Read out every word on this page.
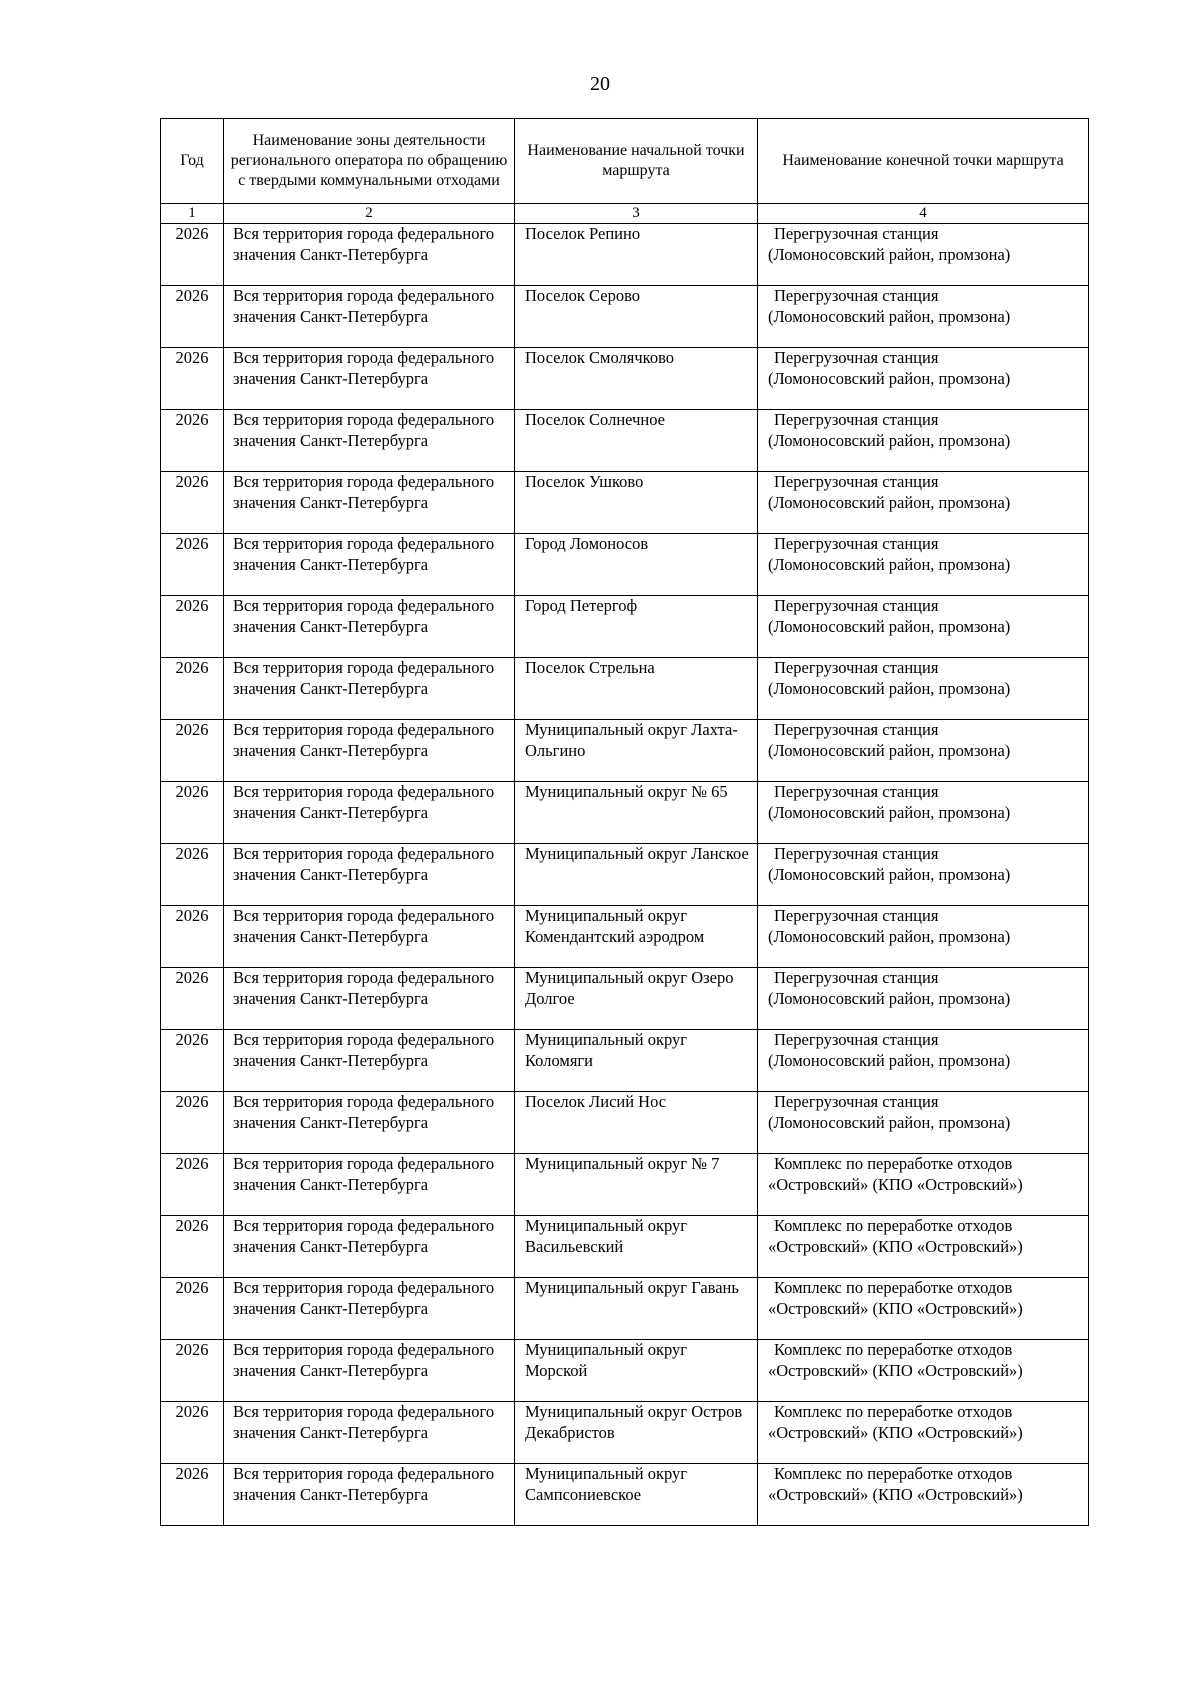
20
Год	Наименование зоны деятельности регионального оператора по обращению с твердыми коммунальными отходами	Наименование начальной точки маршрута	Наименование конечной точки маршрута
1	2	3	4
2026	Вся территория города федерального значения Санкт-Петербурга	Поселок Репино	Перегрузочная станция
(Ломоносовский район, промзона)

2026	Вся территория города федерального значения Санкт-Петербурга	Поселок Серово	Перегрузочная станция
(Ломоносовский район, промзона)

2026	Вся территория города федерального значения Санкт-Петербурга	Поселок Смолячково	Перегрузочная станция
(Ломоносовский район, промзона)

2026	Вся территория города федерального значения Санкт-Петербурга	Поселок Солнечное	Перегрузочная станция
(Ломоносовский район, промзона)

2026	Вся территория города федерального значения Санкт-Петербурга	Поселок Ушково	Перегрузочная станция
(Ломоносовский район, промзона)

2026	Вся территория города федерального значения Санкт-Петербурга	Город Ломоносов	Перегрузочная станция
(Ломоносовский район, промзона)

2026	Вся территория города федерального значения Санкт-Петербурга	Город Петергоф	Перегрузочная станция
(Ломоносовский район, промзона)

2026	Вся территория города федерального значения Санкт-Петербурга	Поселок Стрельна	Перегрузочная станция
(Ломоносовский район, промзона)

2026	Вся территория города федерального значения Санкт-Петербурга	Муниципальный округ Лахта-Ольгино	Перегрузочная станция
(Ломоносовский район, промзона)

2026	Вся территория города федерального значения Санкт-Петербурга	Муниципальный округ № 65	Перегрузочная станция
(Ломоносовский район, промзона)

2026	Вся территория города федерального значения Санкт-Петербурга	Муниципальный округ Ланское	Перегрузочная станция
(Ломоносовский район, промзона)

2026	Вся территория города федерального значения Санкт-Петербурга	Муниципальный округ Комендантский аэродром	Перегрузочная станция
(Ломоносовский район, промзона)

2026	Вся территория города федерального значения Санкт-Петербурга	Муниципальный округ Озеро Долгое	Перегрузочная станция
(Ломоносовский район, промзона)

2026	Вся территория города федерального значения Санкт-Петербурга	Муниципальный округ Коломяги	Перегрузочная станция
(Ломоносовский район, промзона)

2026	Вся территория города федерального значения Санкт-Петербурга	Поселок Лисий Нос	Перегрузочная станция
(Ломоносовский район, промзона)

2026	Вся территория города федерального значения Санкт-Петербурга	Муниципальный округ № 7	Комплекс по переработке отходов
«Островский» (КПО «Островский»)

2026	Вся территория города федерального значения Санкт-Петербурга	Муниципальный округ Васильевский	Комплекс по переработке отходов
«Островский» (КПО «Островский»)

2026	Вся территория города федерального значения Санкт-Петербурга	Муниципальный округ Гавань	Комплекс по переработке отходов
«Островский» (КПО «Островский»)

2026	Вся территория города федерального значения Санкт-Петербурга	Муниципальный округ Морской	Комплекс по переработке отходов
«Островский» (КПО «Островский»)

2026	Вся территория города федерального значения Санкт-Петербурга	Муниципальный округ Остров Декабристов	Комплекс по переработке отходов
«Островский» (КПО «Островский»)

2026	Вся территория города федерального значения Санкт-Петербурга	Муниципальный округ Сампсониевское	Комплекс по переработке отходов
«Островский» (КПО «Островский»)
